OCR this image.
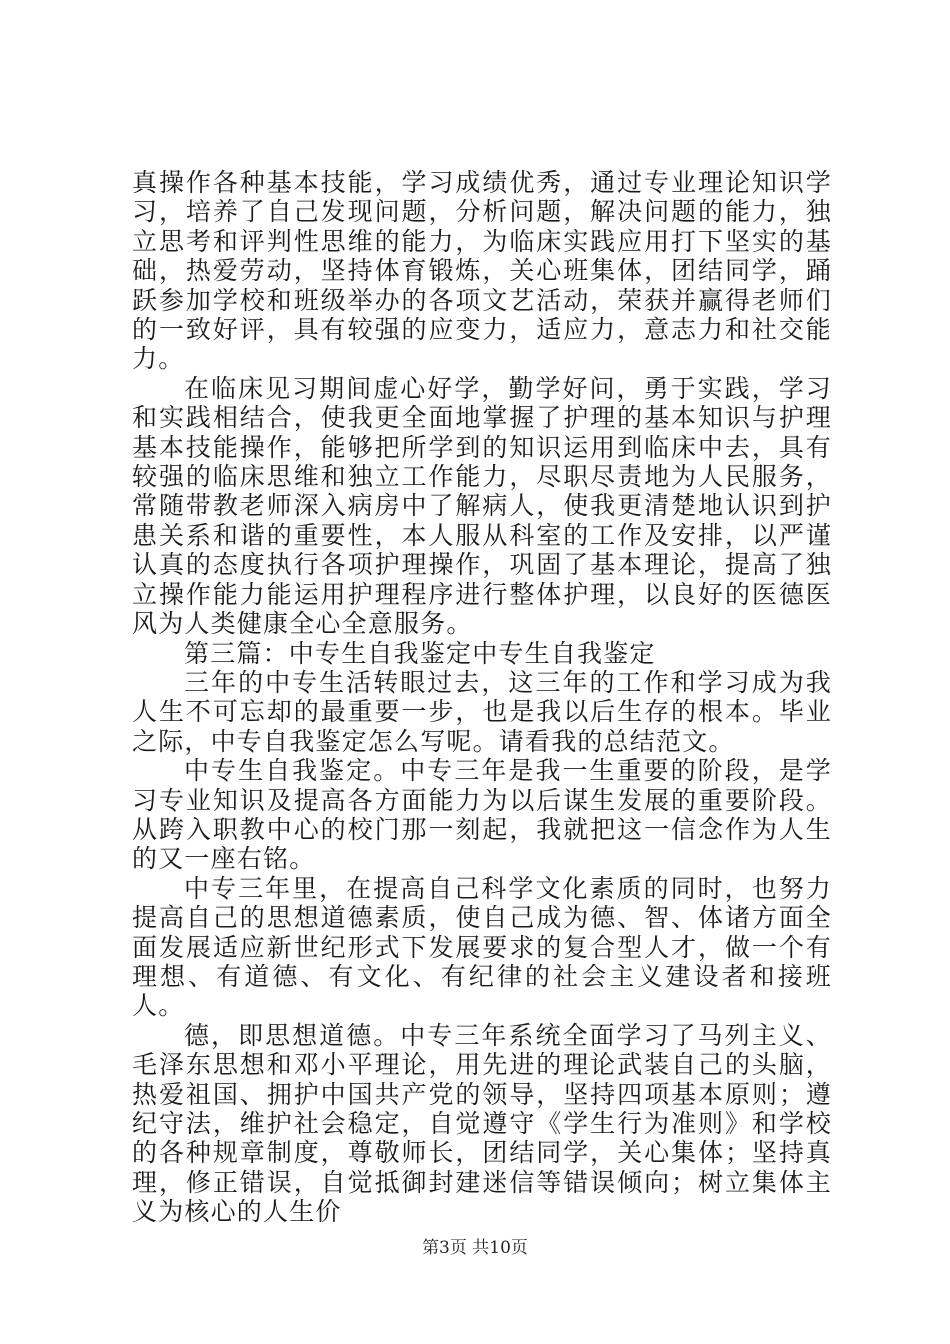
真操作各种基本技能，学习成绩优秀，通过专业理论知识学习，培养了自己发现问题，分析问题，解决问题的能力，独立思考和评判性思维的能力，为临床实践应用打下坚实的基础，热爱劳动，坚持体育锻炼，关心班集体，团结同学，踊跃参加学校和班级举办的各项文艺活动，荣获并赢得老师们的一致好评，具有较强的应变力，适应力，意志力和社交能力。

在临床见习期间虚心好学，勤学好问，勇于实践，学习和实践相结合，使我更全面地掌握了护理的基本知识与护理基本技能操作，能够把所学到的知识运用到临床中去，具有较强的临床思维和独立工作能力，尽职尽责地为人民服务，常随带教老师深入病房中了解病人，使我更清楚地认识到护患关系和谐的重要性，本人服从科室的工作及安排，以严谨认真的态度执行各项护理操作，巩固了基本理论，提高了独立操作能力能运用护理程序进行整体护理，以良好的医德医风为人类健康全心全意服务。

第三篇：中专生自我鉴定中专生自我鉴定

三年的中专生活转眼过去，这三年的工作和学习成为我人生不可忘却的最重要一步，也是我以后生存的根本。毕业之际，中专自我鉴定怎么写呢。请看我的总结范文。

中专生自我鉴定。中专三年是我一生重要的阶段，是学习专业知识及提高各方面能力为以后谋生发展的重要阶段。从跨入职教中心的校门那一刻起，我就把这一信念作为人生的又一座右铭。

中专三年里，在提高自己科学文化素质的同时，也努力提高自己的思想道德素质，使自己成为德、智、体诸方面全面发展适应新世纪形式下发展要求的复合型人才，做一个有理想、有道德、有文化、有纪律的社会主义建设者和接班人。

德，即思想道德。中专三年系统全面学习了马列主义、毛泽东思想和邓小平理论，用先进的理论武装自己的头脑，热爱祖国、拥护中国共产党的领导，坚持四项基本原则；遵纪守法，维护社会稳定，自觉遵守《学生行为准则》和学校的各种规章制度，尊敬师长，团结同学，关心集体；坚持真理，修正错误，自觉抵御封建迷信等错误倾向；树立集体主义为核心的人生价

第3页 共10页
